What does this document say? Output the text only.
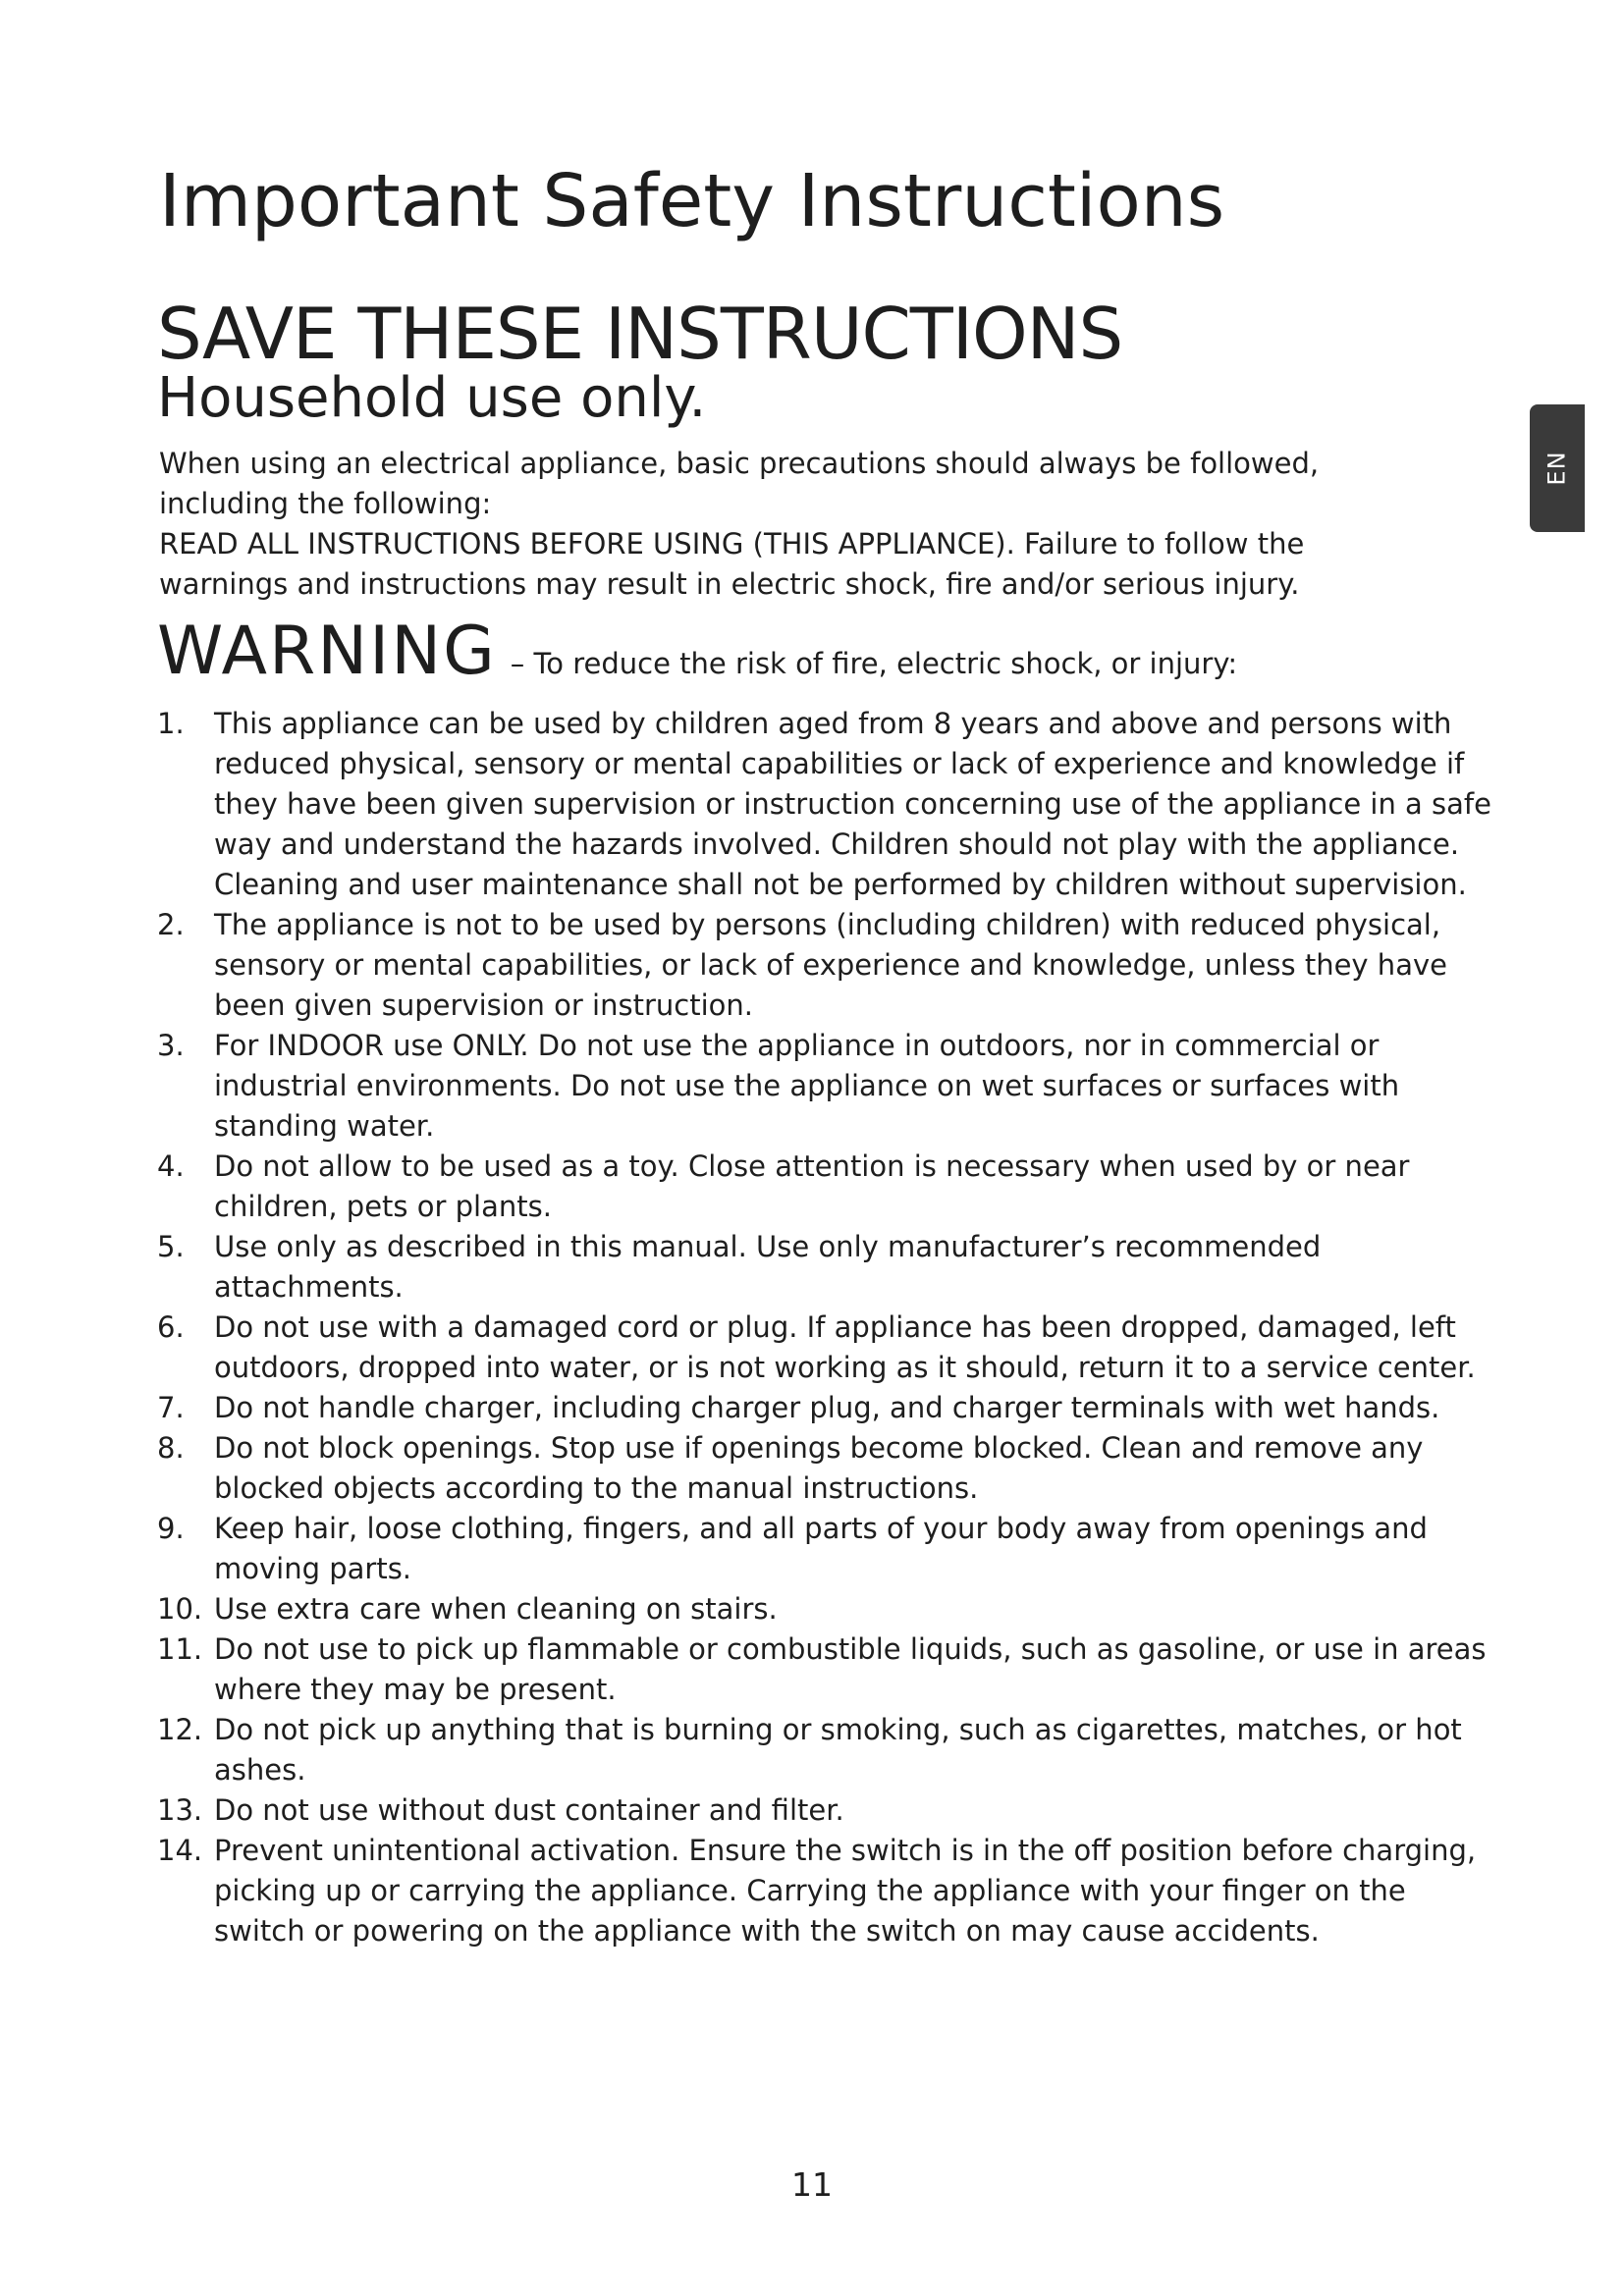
Important Safety Instructions
SAVE THESE INSTRUCTIONS
Household use only.
When using an electrical appliance, basic precautions should always be followed, including the following:
READ ALL INSTRUCTIONS BEFORE USING (THIS APPLIANCE). Failure to follow the warnings and instructions may result in electric shock, fire and/or serious injury.
WARNING – To reduce the risk of fire, electric shock, or injury:
1. This appliance can be used by children aged from 8 years and above and persons with reduced physical, sensory or mental capabilities or lack of experience and knowledge if they have been given supervision or instruction concerning use of the appliance in a safe way and understand the hazards involved. Children should not play with the appliance. Cleaning and user maintenance shall not be performed by children without supervision.
2. The appliance is not to be used by persons (including children) with reduced physical, sensory or mental capabilities, or lack of experience and knowledge, unless they have been given supervision or instruction.
3. For INDOOR use ONLY. Do not use the appliance in outdoors, nor in commercial or industrial environments. Do not use the appliance on wet surfaces or surfaces with standing water.
4. Do not allow to be used as a toy. Close attention is necessary when used by or near children, pets or plants.
5. Use only as described in this manual. Use only manufacturer’s recommended attachments.
6. Do not use with a damaged cord or plug. If appliance has been dropped, damaged, left outdoors, dropped into water, or is not working as it should, return it to a service center.
7. Do not handle charger, including charger plug, and charger terminals with wet hands.
8. Do not block openings. Stop use if openings become blocked. Clean and remove any blocked objects according to the manual instructions.
9. Keep hair, loose clothing, fingers, and all parts of your body away from openings and moving parts.
10. Use extra care when cleaning on stairs.
11. Do not use to pick up flammable or combustible liquids, such as gasoline, or use in areas where they may be present.
12. Do not pick up anything that is burning or smoking, such as cigarettes, matches, or hot ashes.
13. Do not use without dust container and filter.
14. Prevent unintentional activation. Ensure the switch is in the off position before charging, picking up or carrying the appliance. Carrying the appliance with your finger on the switch or powering on the appliance with the switch on may cause accidents.
EN
11
